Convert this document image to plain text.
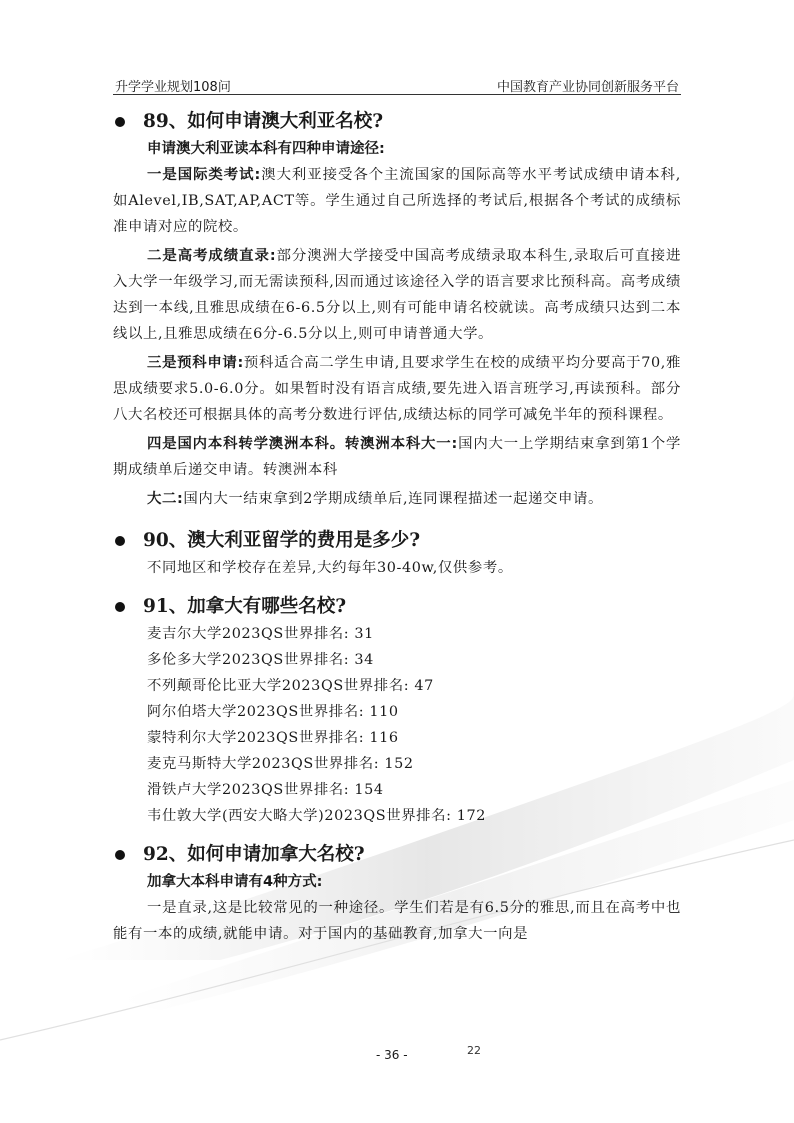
升学学业规划108问	中国教育产业协同创新服务平台
89、如何申请澳大利亚名校?

申请澳大利亚读本科有四种申请途径:

一是国际类考试:澳大利亚接受各个主流国家的国际高等水平考试成绩申请本科,如Alevel,IB,SAT,AP,ACT等。学生通过自己所选择的考试后,根据各个考试的成绩标准申请对应的院校。

二是高考成绩直录:部分澳洲大学接受中国高考成绩录取本科生,录取后可直接进入大学一年级学习,而无需读预科,因而通过该途径入学的语言要求比预科高。高考成绩达到一本线,且雅思成绩在6-6.5分以上,则有可能申请名校就读。高考成绩只达到二本线以上,且雅思成绩在6分-6.5分以上,则可申请普通大学。

三是预科申请:预科适合高二学生申请,且要求学生在校的成绩平均分要高于70,雅思成绩要求5.0-6.0分。如果暂时没有语言成绩,要先进入语言班学习,再读预科。部分八大名校还可根据具体的高考分数进行评估,成绩达标的同学可减免半年的预科课程。

四是国内本科转学澳洲本科。转澳洲本科大一:国内大一上学期结束拿到第1个学期成绩单后递交申请。转澳洲本科

大二:国内大一结束拿到2学期成绩单后,连同课程描述一起递交申请。

90、澳大利亚留学的费用是多少?

不同地区和学校存在差异,大约每年30-40w,仅供参考。

91、加拿大有哪些名校?
麦吉尔大学2023QS世界排名: 31
多伦多大学2023QS世界排名: 34
不列颠哥伦比亚大学2023QS世界排名: 47
阿尔伯塔大学2023QS世界排名: 110
蒙特利尔大学2023QS世界排名: 116
麦克马斯特大学2023QS世界排名: 152
滑铁卢大学2023QS世界排名: 154
韦仕敦大学(西安大略大学)2023QS世界排名: 172
92、如何申请加拿大名校?

加拿大本科申请有4种方式:

一是直录,这是比较常见的一种途径。学生们若是有6.5分的雅思,而且在高考中也能有一本的成绩,就能申请。对于国内的基础教育,加拿大一向是

- 36 -	22
